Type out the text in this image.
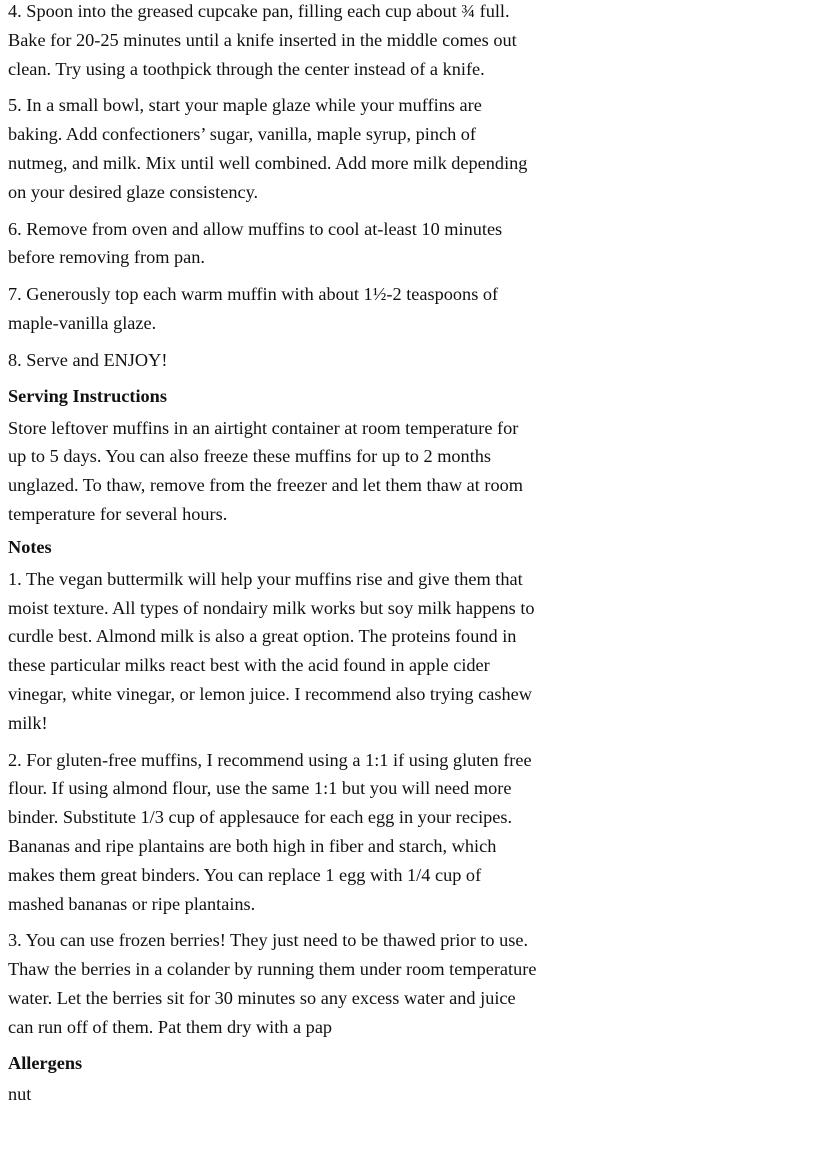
4. Spoon into the greased cupcake pan, filling each cup about ¾ full. Bake for 20-25 minutes until a knife inserted in the middle comes out clean. Try using a toothpick through the center instead of a knife.

5. In a small bowl, start your maple glaze while your muffins are baking. Add confectioners’ sugar, vanilla, maple syrup, pinch of nutmeg, and milk. Mix until well combined. Add more milk depending on your desired glaze consistency.

6. Remove from oven and allow muffins to cool at-least 10 minutes before removing from pan.

7. Generously top each warm muffin with about 1½-2 teaspoons of maple-vanilla glaze.

8. Serve and ENJOY!

Serving Instructions

Store leftover muffins in an airtight container at room temperature for up to 5 days. You can also freeze these muffins for up to 2 months unglazed. To thaw, remove from the freezer and let them thaw at room temperature for several hours.

Notes

1. The vegan buttermilk will help your muffins rise and give them that moist texture. All types of nondairy milk works but soy milk happens to curdle best. Almond milk is also a great option. The proteins found in these particular milks react best with the acid found in apple cider vinegar, white vinegar, or lemon juice. I recommend also trying cashew milk!

2. For gluten-free muffins, I recommend using a 1:1 if using gluten free flour. If using almond flour, use the same 1:1 but you will need more binder. Substitute 1/3 cup of applesauce for each egg in your recipes. Bananas and ripe plantains are both high in fiber and starch, which makes them great binders. You can replace 1 egg with 1/4 cup of mashed bananas or ripe plantains.

3. You can use frozen berries! They just need to be thawed prior to use. Thaw the berries in a colander by running them under room temperature water. Let the berries sit for 30 minutes so any excess water and juice can run off of them. Pat them dry with a pap

Allergens

nut
